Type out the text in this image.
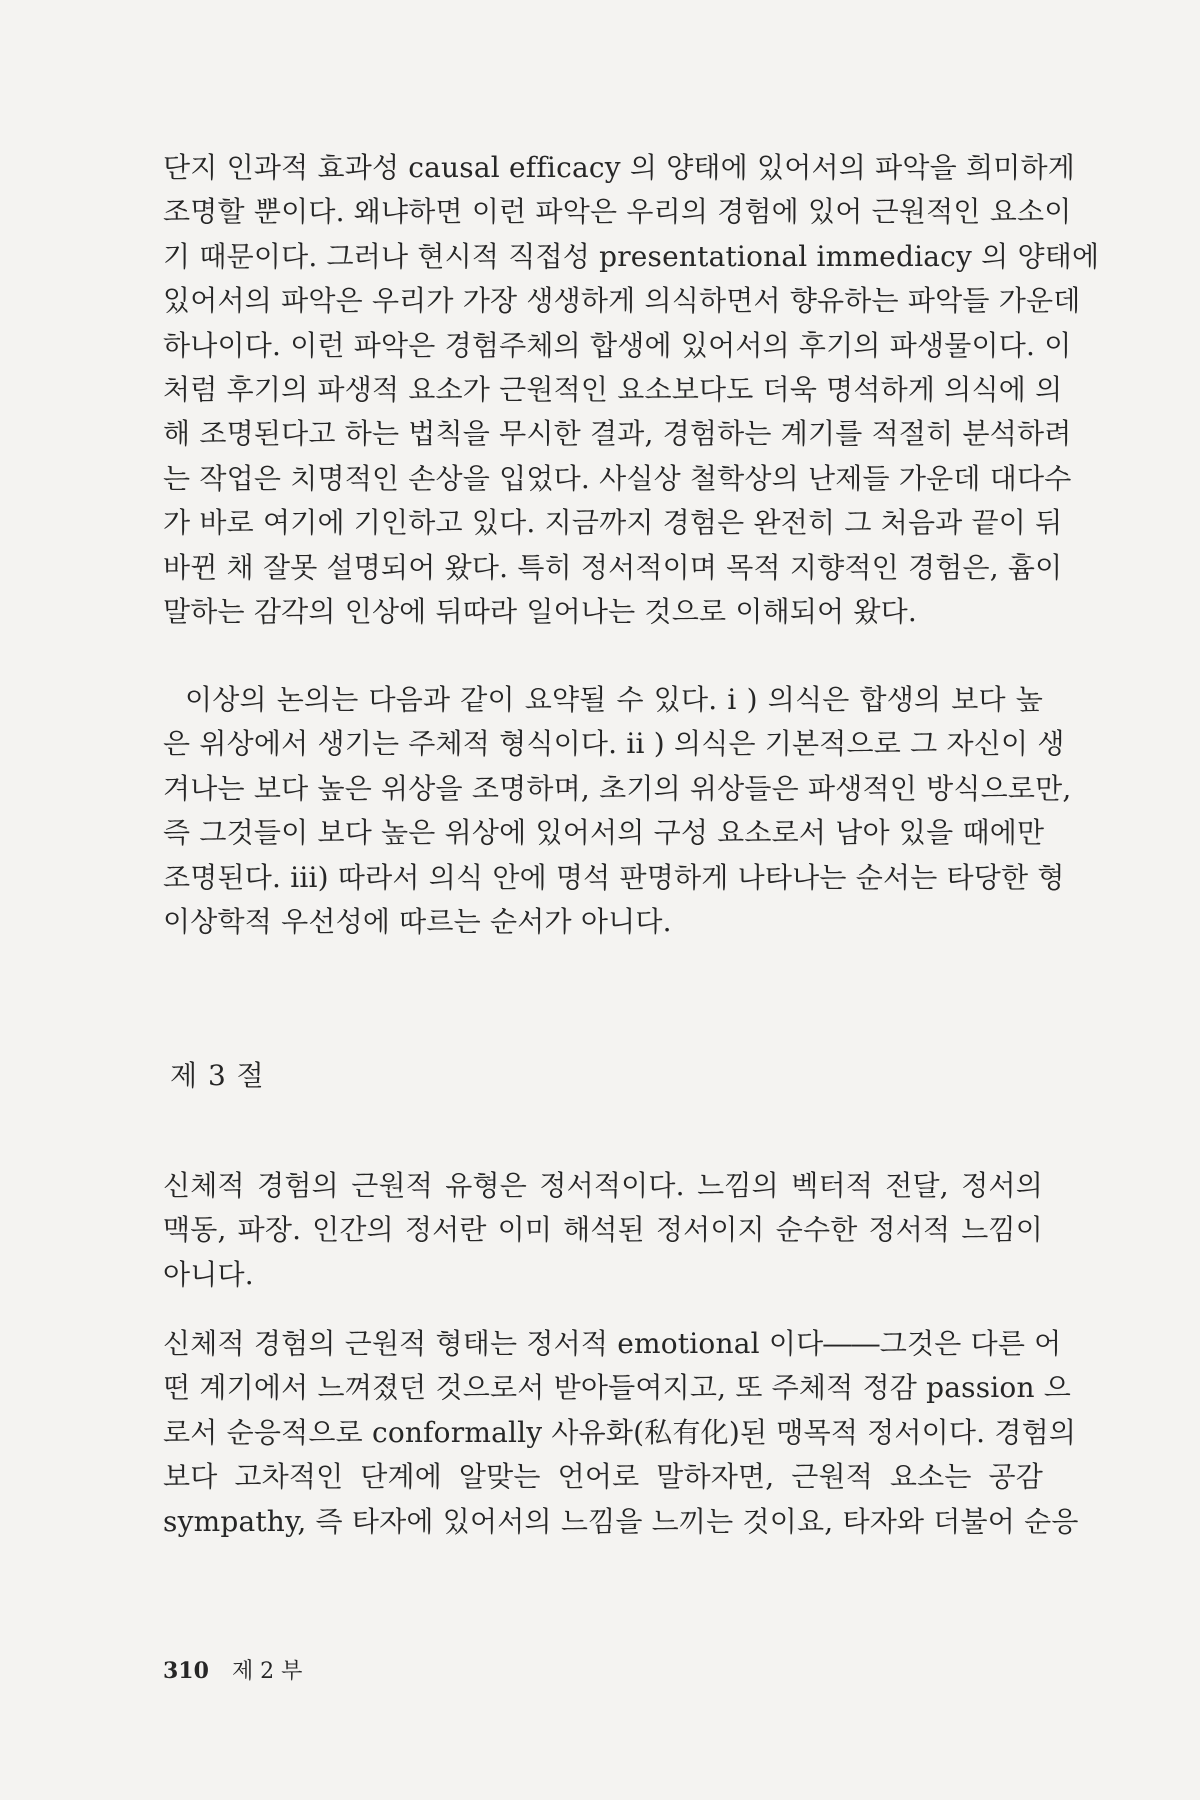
단지 인과적 효과성 causal efficacy 의 양태에 있어서의 파악을 희미하게
조명할 뿐이다. 왜냐하면 이런 파악은 우리의 경험에 있어 근원적인 요소이
기 때문이다. 그러나 현시적 직접성 presentational immediacy 의 양태에
있어서의 파악은 우리가 가장 생생하게 의식하면서 향유하는 파악들 가운데
하나이다. 이런 파악은 경험주체의 합생에 있어서의 후기의 파생물이다. 이
처럼 후기의 파생적 요소가 근원적인 요소보다도 더욱 명석하게 의식에 의
해 조명된다고 하는 법칙을 무시한 결과, 경험하는 계기를 적절히 분석하려
는 작업은 치명적인 손상을 입었다. 사실상 철학상의 난제들 가운데 대다수
가 바로 여기에 기인하고 있다. 지금까지 경험은 완전히 그 처음과 끝이 뒤
바뀐 채 잘못 설명되어 왔다. 특히 정서적이며 목적 지향적인 경험은, 흄이
말하는 감각의 인상에 뒤따라 일어나는 것으로 이해되어 왔다.
이상의 논의는 다음과 같이 요약될 수 있다. i ) 의식은 합생의 보다 높
은 위상에서 생기는 주체적 형식이다. ii ) 의식은 기본적으로 그 자신이 생
겨나는 보다 높은 위상을 조명하며, 초기의 위상들은 파생적인 방식으로만,
즉 그것들이 보다 높은 위상에 있어서의 구성 요소로서 남아 있을 때에만
조명된다. iii) 따라서 의식 안에 명석 판명하게 나타나는 순서는 타당한 형
이상학적 우선성에 따르는 순서가 아니다.
제 3 절
신체적 경험의 근원적 유형은 정서적이다. 느낌의 벡터적 전달, 정서의
맥동, 파장. 인간의 정서란 이미 해석된 정서이지 순수한 정서적 느낌이
아니다.
신체적 경험의 근원적 형태는 정서적 emotional 이다――그것은 다른 어
떤 계기에서 느껴졌던 것으로서 받아들여지고, 또 주체적 정감 passion 으
로서 순응적으로 conformally 사유화(私有化)된 맹목적 정서이다. 경험의
보다 고차적인 단계에 알맞는 언어로 말하자면, 근원적 요소는 공감
sympathy, 즉 타자에 있어서의 느낌을 느끼는 것이요, 타자와 더불어 순응
310 제 2 부
